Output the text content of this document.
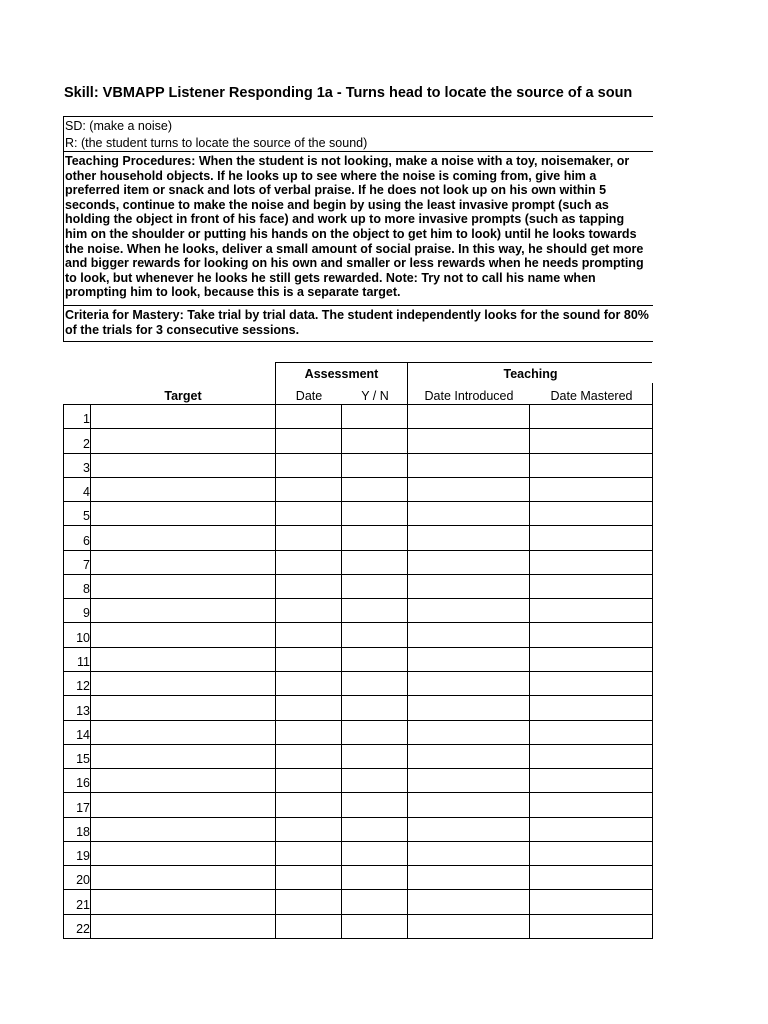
Skill: VBMAPP Listener Responding 1a - Turns head to locate the source of a soun
SD: (make a noise)
R: (the student turns to locate the source of the sound)
Teaching Procedures: When the student is not looking, make a noise with a toy, noisemaker, or other household objects. If he looks up to see where the noise is coming from, give him a preferred item or snack and lots of verbal praise. If he does not look up on his own within 5 seconds, continue to make the noise and begin by using the least invasive prompt (such as holding the object in front of his face) and work up to more invasive prompts (such as tapping him on the shoulder or putting his hands on the object to get him to look) until he looks towards the noise. When he looks, deliver a small amount of social praise. In this way, he should get more and bigger rewards for looking on his own and smaller or less rewards when he needs prompting to look, but whenever he looks he still gets rewarded. Note: Try not to call his name when prompting him to look, because this is a separate target.
Criteria for Mastery: Take trial by trial data. The student independently looks for the sound for 80% of the trials for 3 consecutive sessions.
Assessment	Teaching
Target	Date	Y / N	Date Introduced	Date Mastered
1
2
3
4
5
6
7
8
9
10
11
12
13
14
15
16
17
18
19
20
21
22
